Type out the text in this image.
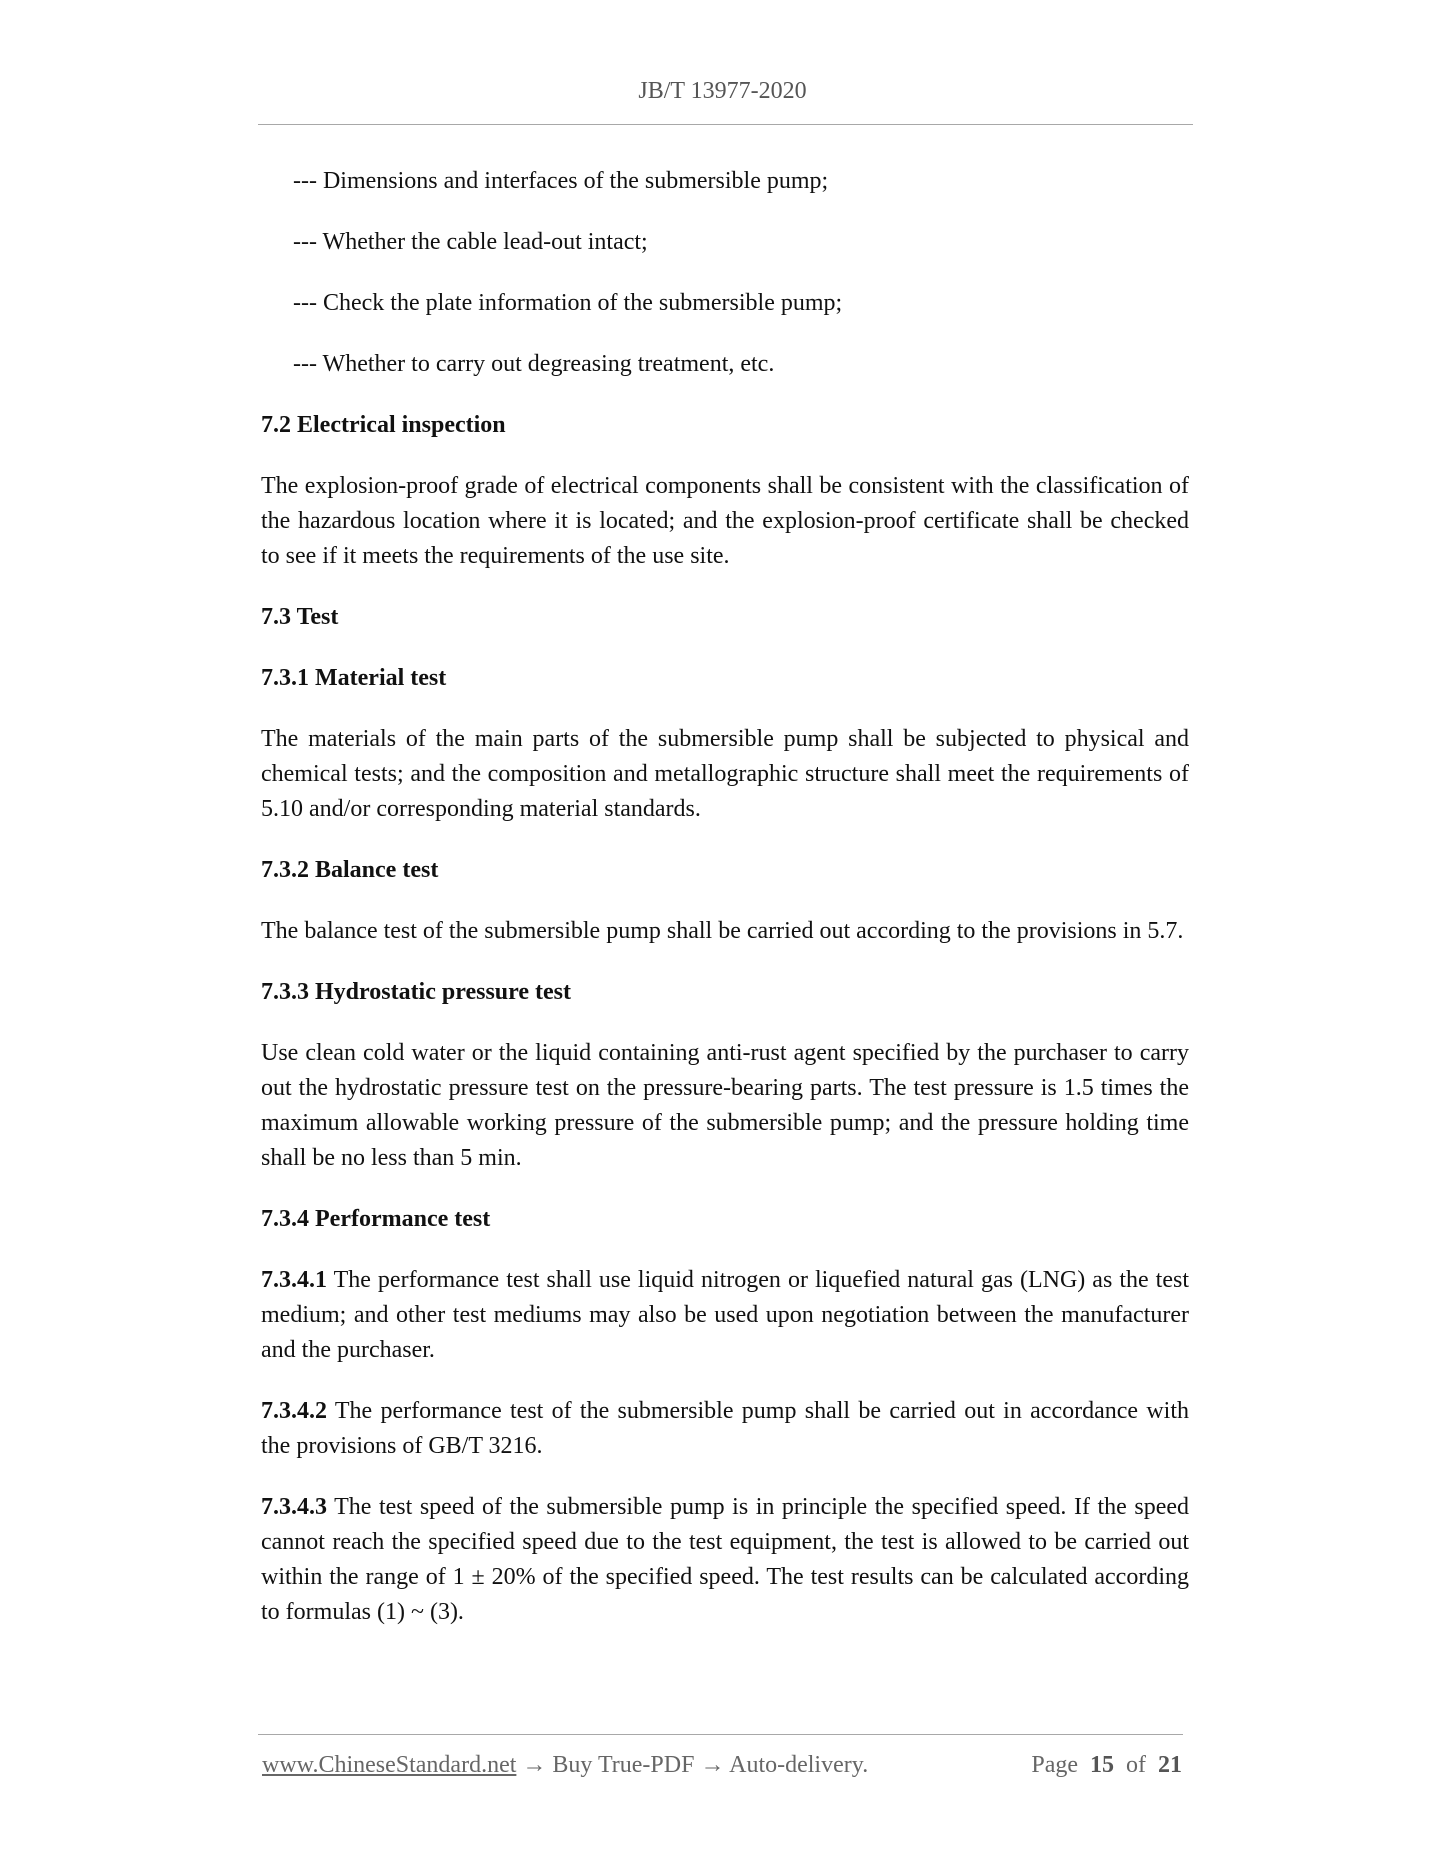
JB/T 13977-2020
--- Dimensions and interfaces of the submersible pump;
--- Whether the cable lead-out intact;
--- Check the plate information of the submersible pump;
--- Whether to carry out degreasing treatment, etc.
7.2 Electrical inspection
The explosion-proof grade of electrical components shall be consistent with the classification of the hazardous location where it is located; and the explosion-proof certificate shall be checked to see if it meets the requirements of the use site.
7.3 Test
7.3.1 Material test
The materials of the main parts of the submersible pump shall be subjected to physical and chemical tests; and the composition and metallographic structure shall meet the requirements of 5.10 and/or corresponding material standards.
7.3.2 Balance test
The balance test of the submersible pump shall be carried out according to the provisions in 5.7.
7.3.3 Hydrostatic pressure test
Use clean cold water or the liquid containing anti-rust agent specified by the purchaser to carry out the hydrostatic pressure test on the pressure-bearing parts. The test pressure is 1.5 times the maximum allowable working pressure of the submersible pump; and the pressure holding time shall be no less than 5 min.
7.3.4 Performance test
7.3.4.1 The performance test shall use liquid nitrogen or liquefied natural gas (LNG) as the test medium; and other test mediums may also be used upon negotiation between the manufacturer and the purchaser.
7.3.4.2 The performance test of the submersible pump shall be carried out in accordance with the provisions of GB/T 3216.
7.3.4.3 The test speed of the submersible pump is in principle the specified speed. If the speed cannot reach the specified speed due to the test equipment, the test is allowed to be carried out within the range of 1 ± 20% of the specified speed. The test results can be calculated according to formulas (1) ~ (3).
www.ChineseStandard.net → Buy True-PDF → Auto-delivery.	Page 15 of 21
